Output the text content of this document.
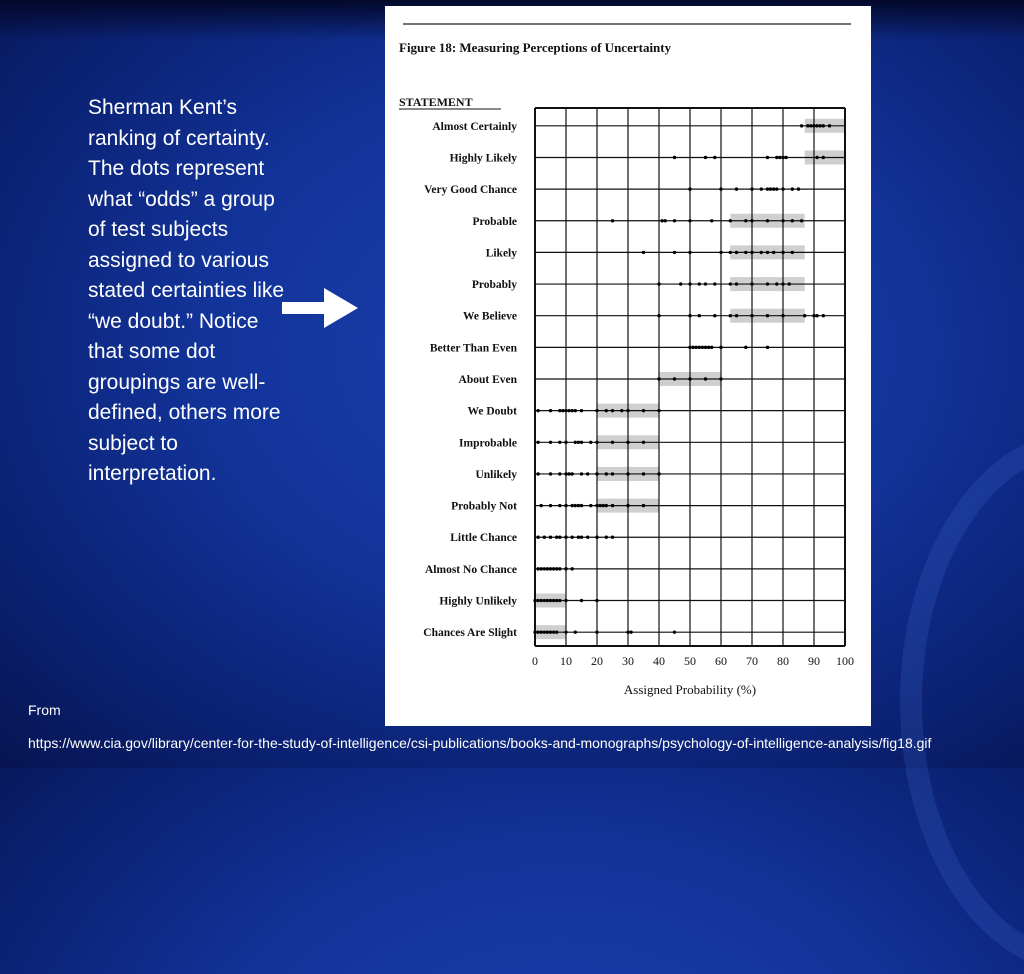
Sherman Kent’s ranking of certainty. The dots represent what “odds” a group of test subjects assigned to various stated certainties like “we doubt.” Notice that some dot groupings are well-defined, others more subject to interpretation.
From
https://www.cia.gov/library/center-for-the-study-of-intelligence/csi-publications/books-and-monographs/psychology-of-intelligence-analysis/fig18.gif
Figure 18: Measuring Perceptions of Uncertainty
STATEMENT
Almost Certainly
Highly Likely
Very Good Chance
Probable
Likely
Probably
We Believe
Better Than Even
About Even
We Doubt
Improbable
Unlikely
Probably Not
Little Chance
Almost No Chance
Highly Unlikely
Chances Are Slight
0 10 20 30 40 50 60 70 80 90 100
Assigned Probability (%)
